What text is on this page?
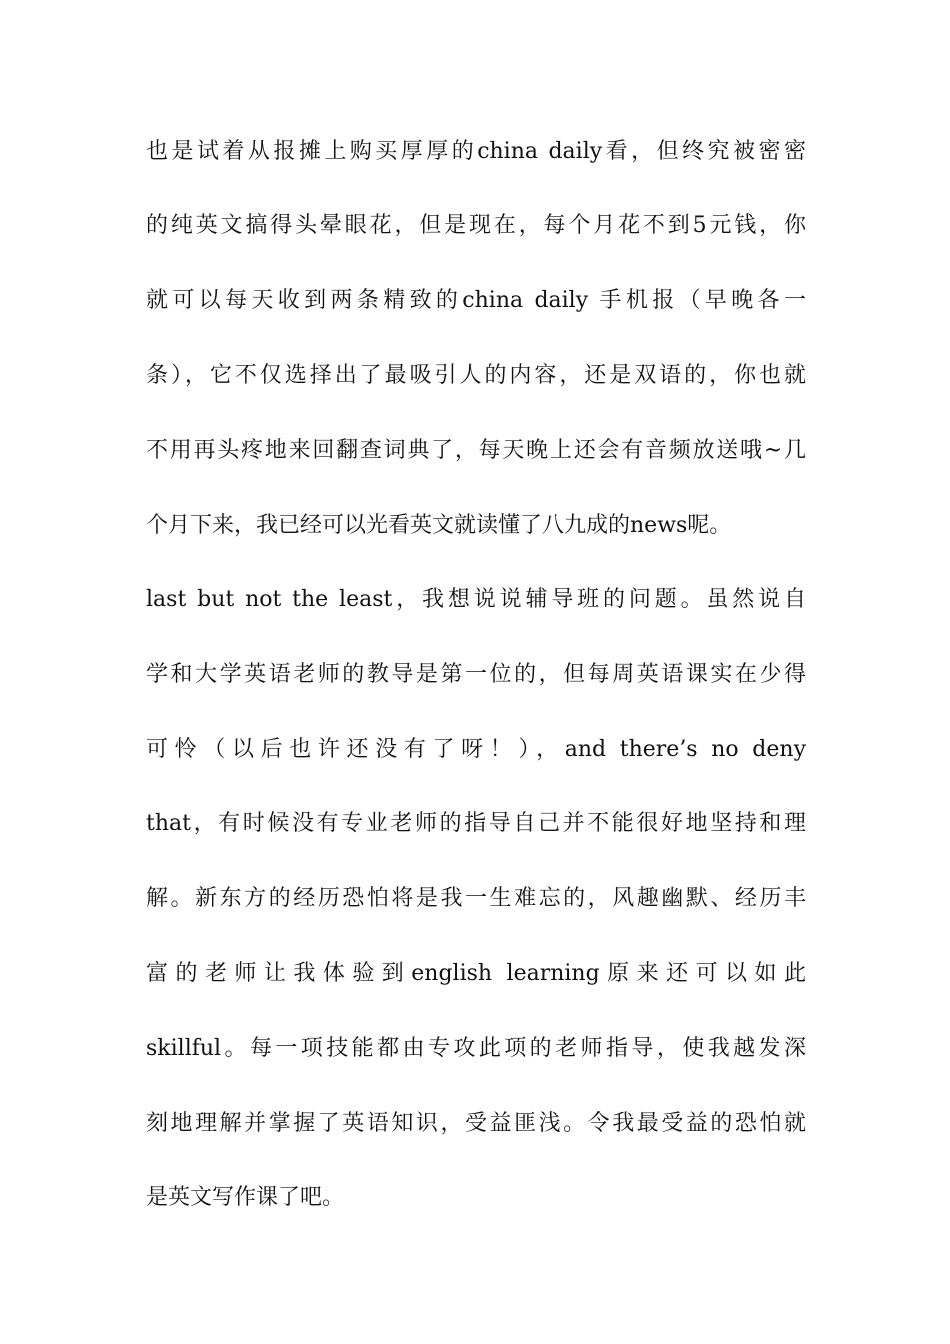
也是试着从报摊上购买厚厚的china daily看，但终究被密密
的纯英文搞得头晕眼花，但是现在，每个月花不到5元钱，你
就可以每天收到两条精致的china daily 手机报（早晚各一
条），它不仅选择出了最吸引人的内容，还是双语的，你也就
不用再头疼地来回翻查词典了，每天晚上还会有音频放送哦~几
个月下来，我已经可以光看英文就读懂了八九成的news呢。
last but not the least，我想说说辅导班的问题。虽然说自
学和大学英语老师的教导是第一位的，但每周英语课实在少得
可怜（以后也许还没有了呀！），and there’s no deny
that，有时候没有专业老师的指导自己并不能很好地坚持和理
解。新东方的经历恐怕将是我一生难忘的，风趣幽默、经历丰
富的老师让我体验到english learning原来还可以如此
skillful。每一项技能都由专攻此项的老师指导，使我越发深
刻地理解并掌握了英语知识，受益匪浅。令我最受益的恐怕就
是英文写作课了吧。
